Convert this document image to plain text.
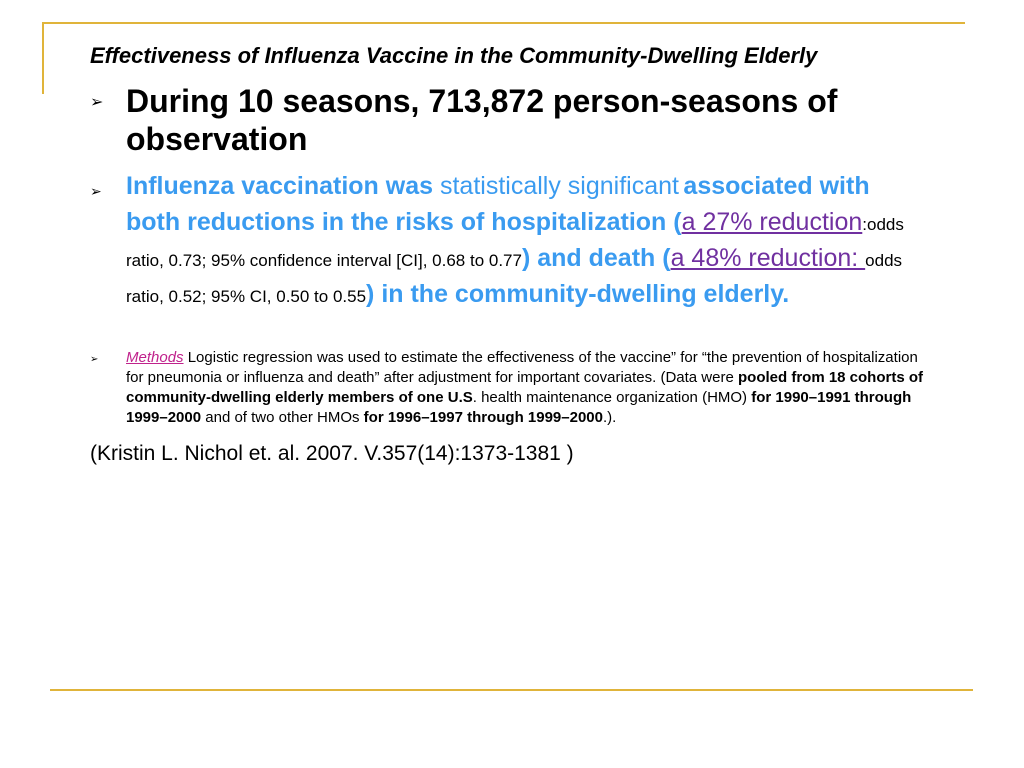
Effectiveness of Influenza Vaccine in the Community-Dwelling Elderly

➢ During 10 seasons, 713,872 person-seasons of observation
➢ Influenza vaccination was statistically significant associated with both reductions in the risks of hospitalization (a 27% reduction:odds ratio, 0.73; 95% confidence interval [CI], 0.68 to 0.77) and death (a 48% reduction: odds ratio, 0.52; 95% CI, 0.50 to 0.55) in the community-dwelling elderly.
➢ Methods Logistic regression was used to estimate the effectiveness of the vaccine” for “the prevention of hospitalization for pneumonia or influenza and death” after adjustment for important covariates. (Data were pooled from 18 cohorts of community-dwelling elderly members of one U.S. health maintenance organization (HMO) for 1990–1991 through 1999–2000 and of two other HMOs for 1996–1997 through 1999–2000.).
(Kristin L. Nichol et. al. 2007. V.357(14):1373-1381 )
